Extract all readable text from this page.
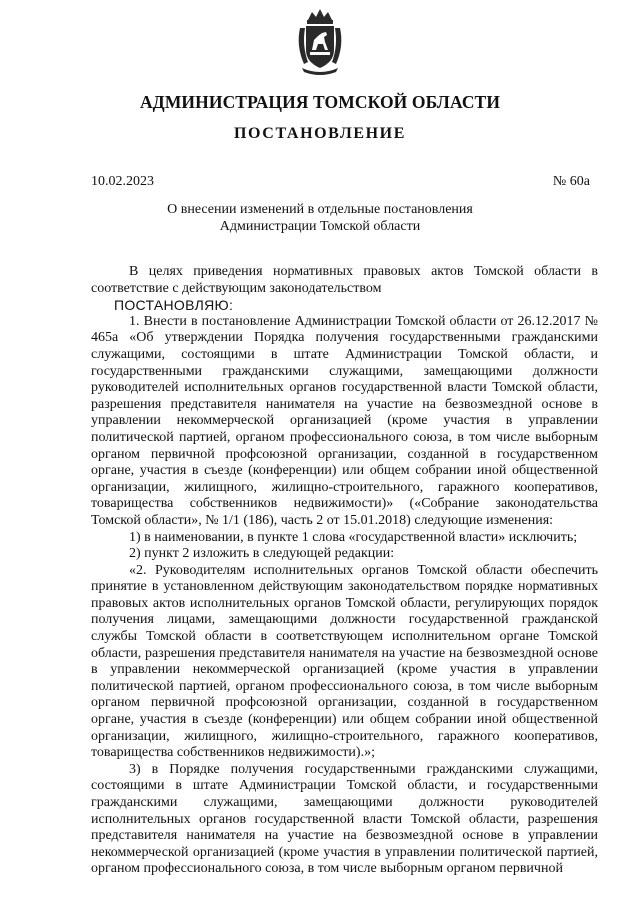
АДМИНИСТРАЦИЯ ТОМСКОЙ ОБЛАСТИ
ПОСТАНОВЛЕНИЕ
10.02.2023	№ 60а
О внесении изменений в отдельные постановления
Администрации Томской области

В целях приведения нормативных правовых актов Томской области в соответствие с действующим законодательством

ПОСТАНОВЛЯЮ:

1. Внести в постановление Администрации Томской области от 26.12.2017 № 465а «Об утверждении Порядка получения государственными гражданскими служащими, состоящими в штате Администрации Томской области, и государственными гражданскими служащими, замещающими должности руководителей исполнительных органов государственной власти Томской области, разрешения представителя нанимателя на участие на безвозмездной основе в управлении некоммерческой организацией (кроме участия в управлении политической партией, органом профессионального союза, в том числе выборным органом первичной профсоюзной организации, созданной в государственном органе, участия в съезде (конференции) или общем собрании иной общественной организации, жилищного, жилищно-строительного, гаражного кооперативов, товарищества собственников недвижимости)» («Собрание законодательства Томской области», № 1/1 (186), часть 2 от 15.01.2018) следующие изменения:

1) в наименовании, в пункте 1 слова «государственной власти» исключить;

2) пункт 2 изложить в следующей редакции:

«2. Руководителям исполнительных органов Томской области обеспечить принятие в установленном действующим законодательством порядке нормативных правовых актов исполнительных органов Томской области, регулирующих порядок получения лицами, замещающими должности государственной гражданской службы Томской области в соответствующем исполнительном органе Томской области, разрешения представителя нанимателя на участие на безвозмездной основе в управлении некоммерческой организацией (кроме участия в управлении политической партией, органом профессионального союза, в том числе выборным органом первичной профсоюзной организации, созданной в государственном органе, участия в съезде (конференции) или общем собрании иной общественной организации, жилищного, жилищно-строительного, гаражного кооперативов, товарищества собственников недвижимости).»;

3) в Порядке получения государственными гражданскими служащими, состоящими в штате Администрации Томской области, и государственными гражданскими служащими, замещающими должности руководителей исполнительных органов государственной власти Томской области, разрешения представителя нанимателя на участие на безвозмездной основе в управлении некоммерческой организацией (кроме участия в управлении политической партией, органом профессионального союза, в том числе выборным органом первичной
